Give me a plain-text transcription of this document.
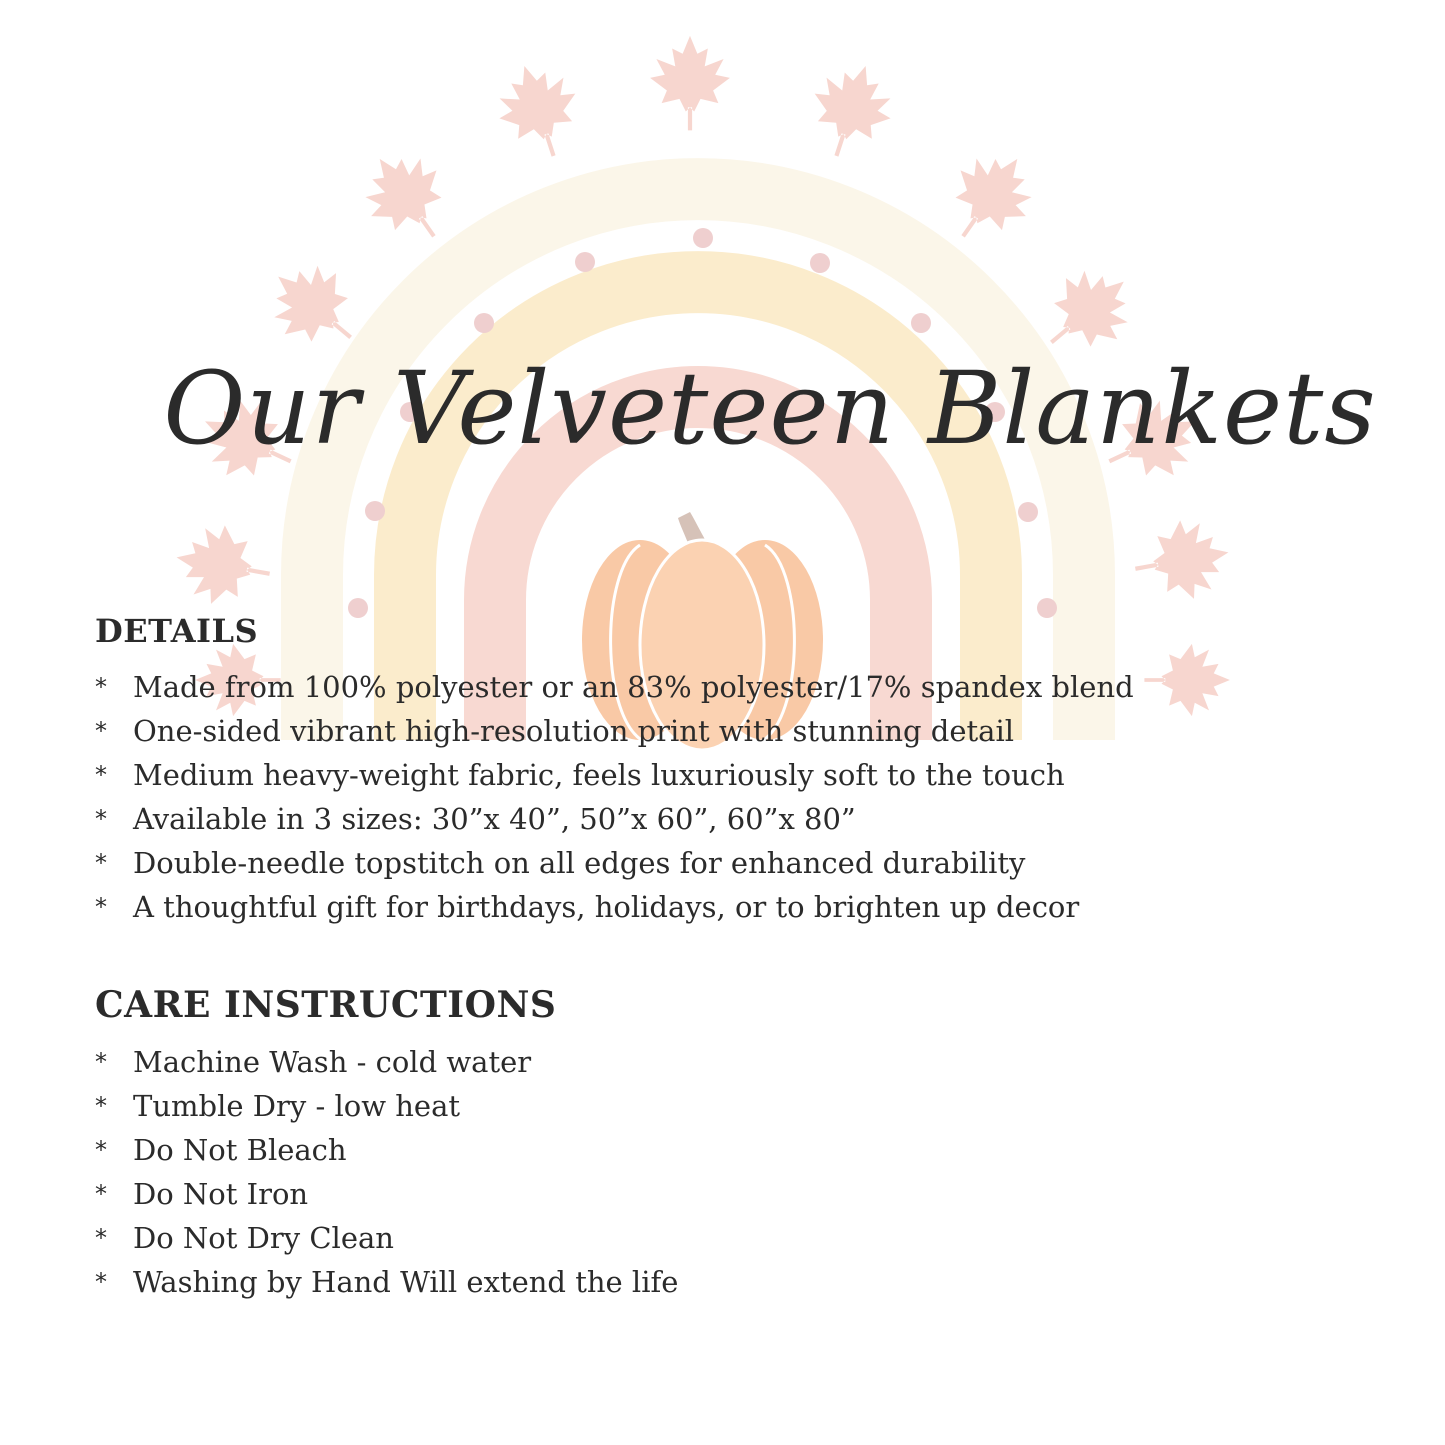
Our Velveteen Blankets
DETAILS
* Made from 100% polyester or an 83% polyester/17% spandex blend
* One-sided vibrant high-resolution print with stunning detail
* Medium heavy-weight fabric, feels luxuriously soft to the touch
* Available in 3 sizes: 30”x 40”, 50”x 60”, 60”x 80”
* Double-needle topstitch on all edges for enhanced durability
* A thoughtful gift for birthdays, holidays, or to brighten up decor
CARE INSTRUCTIONS
* Machine Wash - cold water
* Tumble Dry - low heat
* Do Not Bleach
* Do Not Iron
* Do Not Dry Clean
* Washing by Hand Will extend the life
